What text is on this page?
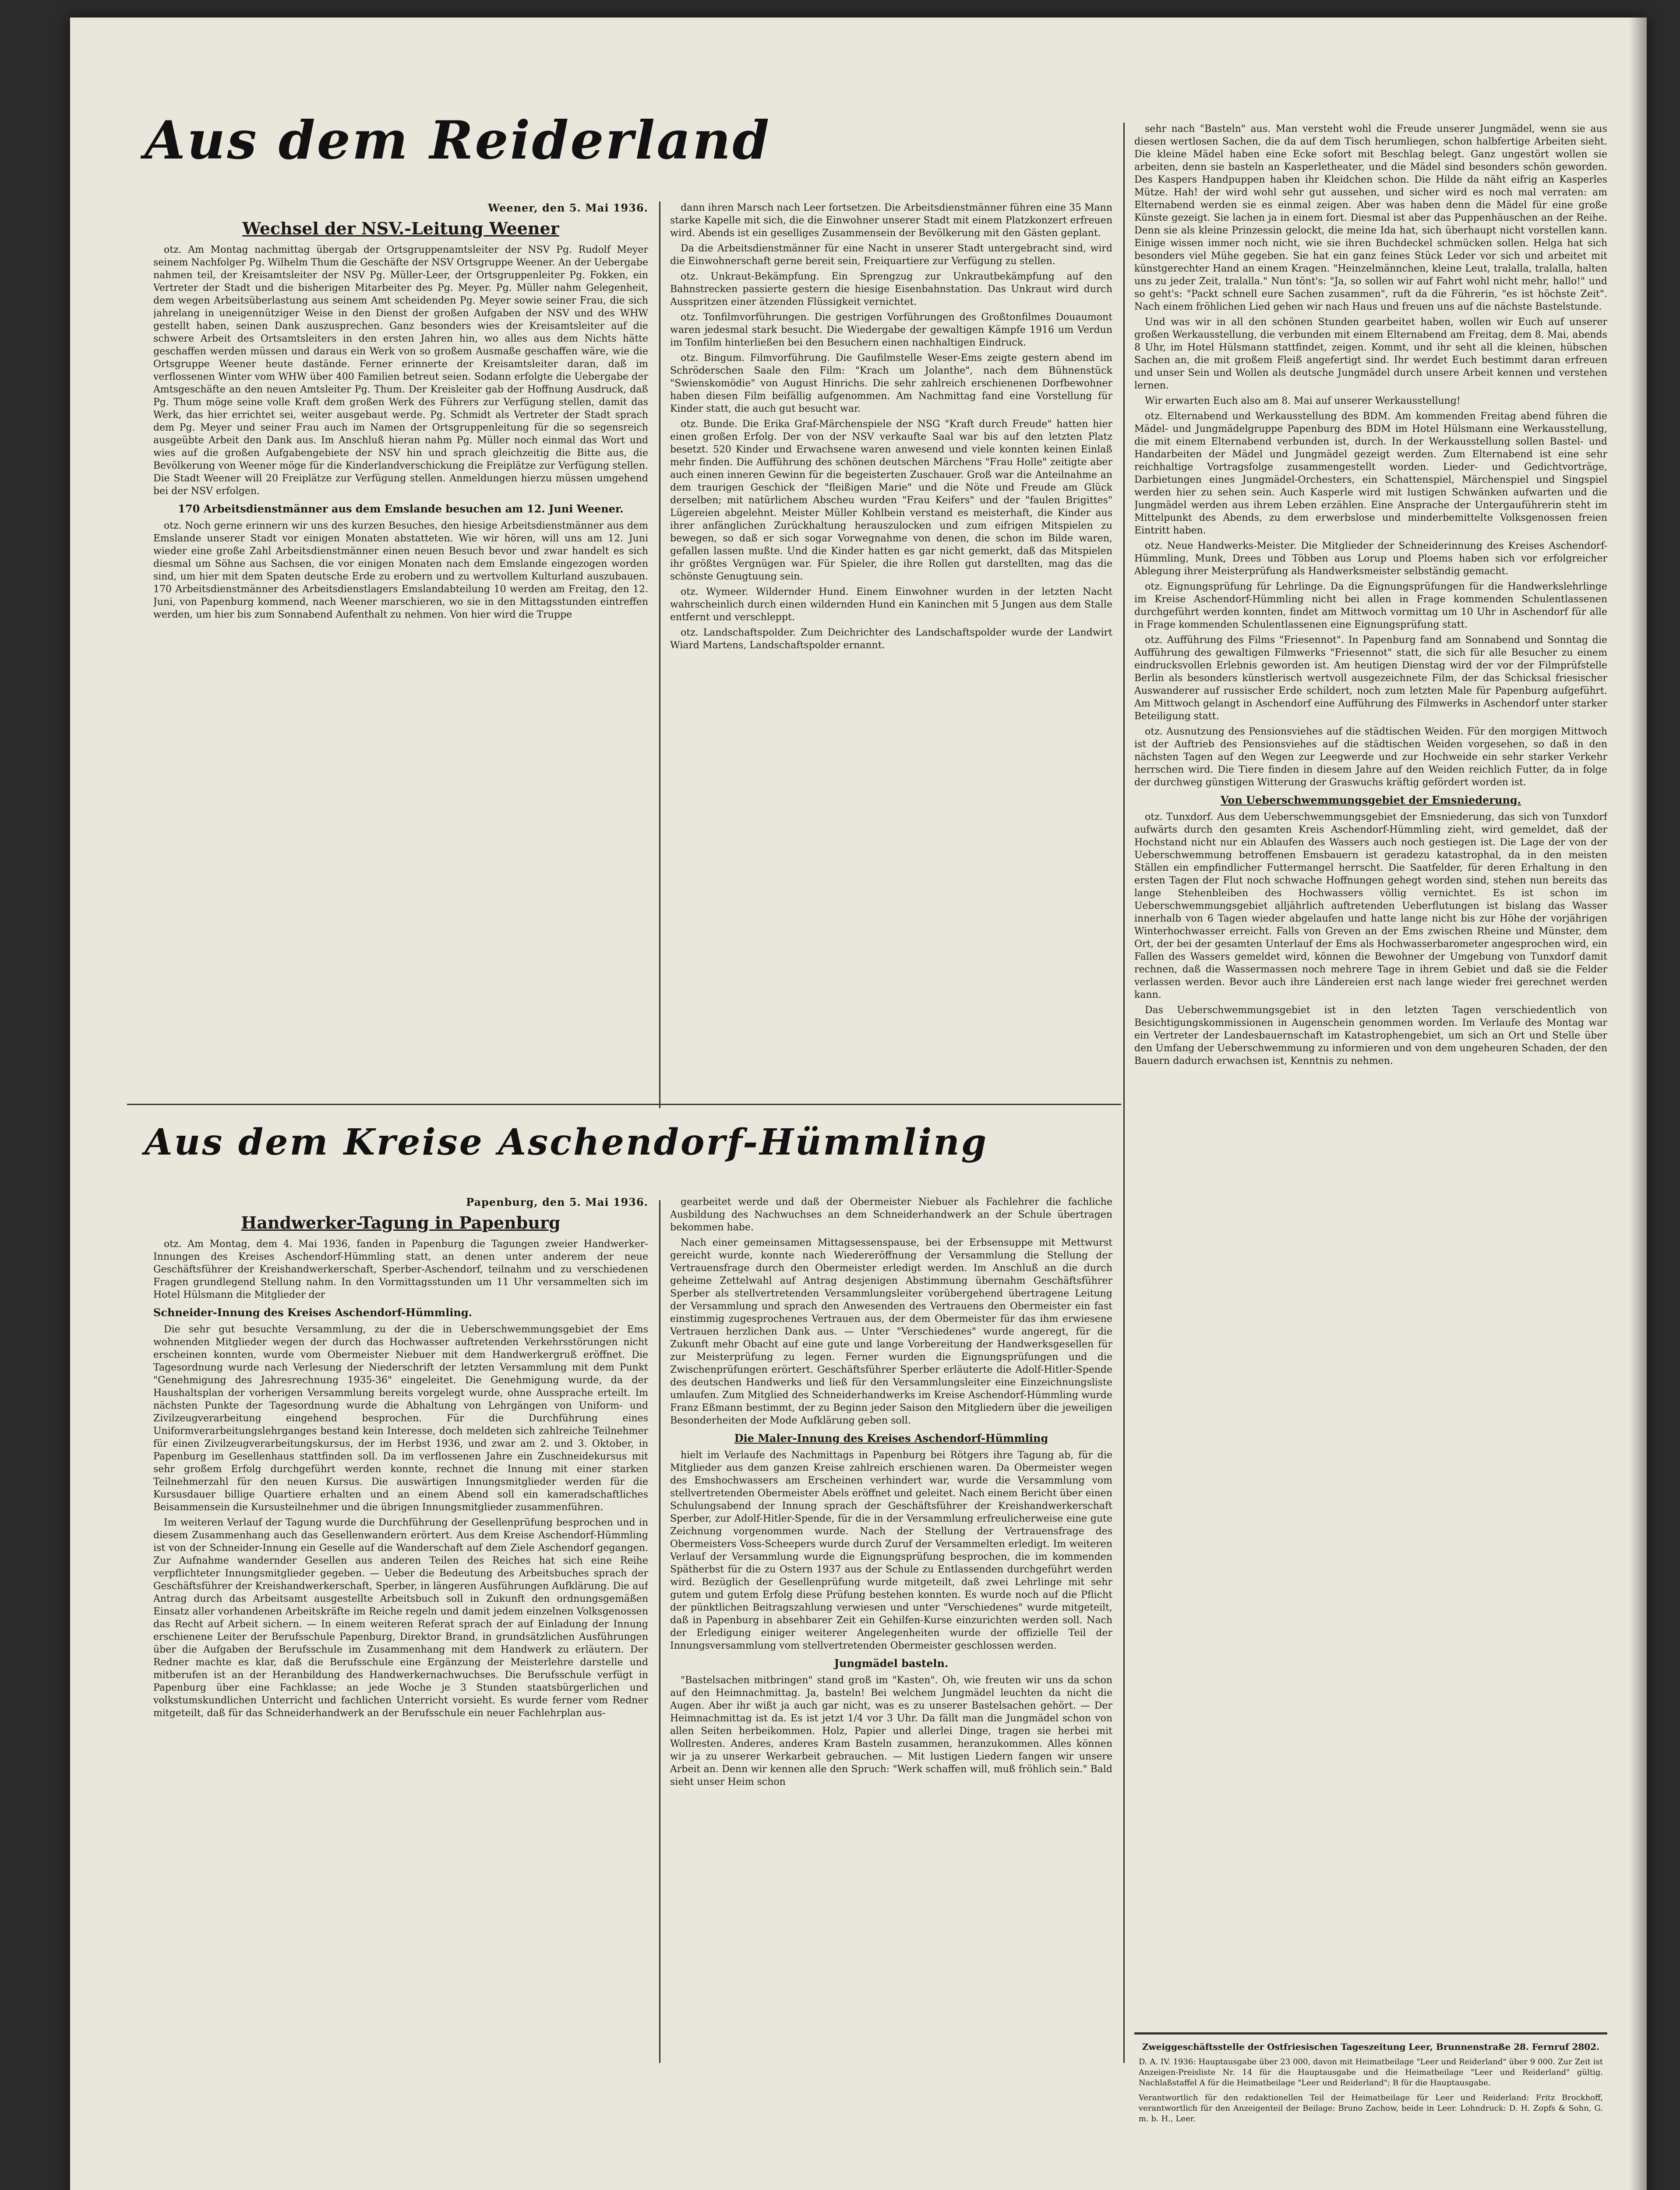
Aus dem Reiderland
Weener, den 5. Mai 1936.
Wechsel der NSV.-Leitung Weener

otz. Am Montag nachmittag übergab der Ortsgruppenamtsleiter der NSV Pg. Rudolf Meyer seinem Nachfolger Pg. Wilhelm Thum die Geschäfte der NSV Ortsgruppe Weener. An der Uebergabe nahmen teil, der Kreisamtsleiter der NSV Pg. Müller-Leer, der Ortsgruppenleiter Pg. Fokken, ein Vertreter der Stadt und die bisherigen Mitarbeiter des Pg. Meyer. Pg. Müller nahm Gelegenheit, dem wegen Arbeitsüberlastung aus seinem Amt scheidenden Pg. Meyer sowie seiner Frau, die sich jahrelang in uneigennütziger Weise in den Dienst der großen Aufgaben der NSV und des WHW gestellt haben, seinen Dank auszusprechen. Ganz besonders wies der Kreisamtsleiter auf die schwere Arbeit des Ortsamtsleiters in den ersten Jahren hin, wo alles aus dem Nichts hätte geschaffen werden müssen und daraus ein Werk von so großem Ausmaße geschaffen wäre, wie die Ortsgruppe Weener heute dastände. Ferner erinnerte der Kreisamtsleiter daran, daß im verflossenen Winter vom WHW über 400 Familien betreut seien. Sodann erfolgte die Uebergabe der Amtsgeschäfte an den neuen Amtsleiter Pg. Thum. Der Kreisleiter gab der Hoffnung Ausdruck, daß Pg. Thum möge seine volle Kraft dem großen Werk des Führers zur Verfügung stellen, damit das Werk, das hier errichtet sei, weiter ausgebaut werde. Pg. Schmidt als Vertreter der Stadt sprach dem Pg. Meyer und seiner Frau auch im Namen der Ortsgruppenleitung für die so segensreich ausgeübte Arbeit den Dank aus. Im Anschluß hieran nahm Pg. Müller noch einmal das Wort und wies auf die großen Aufgabengebiete der NSV hin und sprach gleichzeitig die Bitte aus, die Bevölkerung von Weener möge für die Kinderlandverschickung die Freiplätze zur Verfügung stellen. Die Stadt Weener will 20 Freiplätze zur Verfügung stellen. Anmeldungen hierzu müssen umgehend bei der NSV erfolgen.

170 Arbeitsdienstmänner aus dem Emslande besuchen am 12. Juni Weener.

otz. Noch gerne erinnern wir uns des kurzen Besuches, den hiesige Arbeitsdienstmänner aus dem Emslande unserer Stadt vor einigen Monaten abstatteten. Wie wir hören, will uns am 12. Juni wieder eine große Zahl Arbeitsdienstmänner einen neuen Besuch bevor und zwar handelt es sich diesmal um Söhne aus Sachsen, die vor einigen Monaten nach dem Emslande eingezogen worden sind, um hier mit dem Spaten deutsche Erde zu erobern und zu wertvollem Kulturland auszubauen. 170 Arbeitsdienstmänner des Arbeitsdienstlagers Emslandabteilung 10 werden am Freitag, den 12. Juni, von Papenburg kommend, nach Weener marschieren, wo sie in den Mittagsstunden eintreffen werden, um hier bis zum Sonnabend Aufenthalt zu nehmen. Von hier wird die Truppe

dann ihren Marsch nach Leer fortsetzen. Die Arbeitsdienstmänner führen eine 35 Mann starke Kapelle mit sich, die die Einwohner unserer Stadt mit einem Platzkonzert erfreuen wird. Abends ist ein geselliges Zusammensein der Bevölkerung mit den Gästen geplant.

Da die Arbeitsdienstmänner für eine Nacht in unserer Stadt untergebracht sind, wird die Einwohnerschaft gerne bereit sein, Freiquartiere zur Verfügung zu stellen.

otz. Unkraut-Bekämpfung. Ein Sprengzug zur Unkrautbekämpfung auf den Bahnstrecken passierte gestern die hiesige Eisenbahnstation. Das Unkraut wird durch Ausspritzen einer ätzenden Flüssigkeit vernichtet.

otz. Tonfilmvorführungen. Die gestrigen Vorführungen des Großtonfilmes Douaumont waren jedesmal stark besucht. Die Wiedergabe der gewaltigen Kämpfe 1916 um Verdun im Tonfilm hinterließen bei den Besuchern einen nachhaltigen Eindruck.

otz. Bingum. Filmvorführung. Die Gaufilmstelle Weser-Ems zeigte gestern abend im Schröderschen Saale den Film: "Krach um Jolanthe", nach dem Bühnenstück "Swienskomödie" von August Hinrichs. Die sehr zahlreich erschienenen Dorfbewohner haben diesen Film beifällig aufgenommen. Am Nachmittag fand eine Vorstellung für Kinder statt, die auch gut besucht war.

otz. Bunde. Die Erika Graf-Märchenspiele der NSG "Kraft durch Freude" hatten hier einen großen Erfolg. Der von der NSV verkaufte Saal war bis auf den letzten Platz besetzt. 520 Kinder und Erwachsene waren anwesend und viele konnten keinen Einlaß mehr finden. Die Aufführung des schönen deutschen Märchens "Frau Holle" zeitigte aber auch einen inneren Gewinn für die begeisterten Zuschauer. Groß war die Anteilnahme an dem traurigen Geschick der "fleißigen Marie" und die Nöte und Freude am Glück derselben; mit natürlichem Abscheu wurden "Frau Keifers" und der "faulen Brigittes" Lügereien abgelehnt. Meister Müller Kohlbein verstand es meisterhaft, die Kinder aus ihrer anfänglichen Zurückhaltung herauszulocken und zum eifrigen Mitspielen zu bewegen, so daß er sich sogar Vorwegnahme von denen, die schon im Bilde waren, gefallen lassen mußte. Und die Kinder hatten es gar nicht gemerkt, daß das Mitspielen ihr größtes Vergnügen war. Für Spieler, die ihre Rollen gut darstellten, mag das die schönste Genugtuung sein.

otz. Wymeer. Wildernder Hund. Einem Einwohner wurden in der letzten Nacht wahrscheinlich durch einen wildernden Hund ein Kaninchen mit 5 Jungen aus dem Stalle entfernt und verschleppt.

otz. Landschaftspolder. Zum Deichrichter des Landschaftspolder wurde der Landwirt Wiard Martens, Landschaftspolder ernannt.

sehr nach "Basteln" aus. Man versteht wohl die Freude unserer Jungmädel, wenn sie aus diesen wertlosen Sachen, die da auf dem Tisch herumliegen, schon halbfertige Arbeiten sieht. Die kleine Mädel haben eine Ecke sofort mit Beschlag belegt. Ganz ungestört wollen sie arbeiten, denn sie basteln an Kasperletheater, und die Mädel sind besonders schön geworden. Des Kaspers Handpuppen haben ihr Kleidchen schon. Die Hilde da näht eifrig an Kasperles Mütze. Hah! der wird wohl sehr gut aussehen, und sicher wird es noch mal verraten: am Elternabend werden sie es einmal zeigen. Aber was haben denn die Mädel für eine große Künste gezeigt. Sie lachen ja in einem fort. Diesmal ist aber das Puppenhäuschen an der Reihe. Denn sie als kleine Prinzessin gelockt, die meine Ida hat, sich überhaupt nicht vorstellen kann. Einige wissen immer noch nicht, wie sie ihren Buchdeckel schmücken sollen. Helga hat sich besonders viel Mühe gegeben. Sie hat ein ganz feines Stück Leder vor sich und arbeitet mit künstgerechter Hand an einem Kragen. "Heinzelmännchen, kleine Leut, tralalla, tralalla, halten uns zu jeder Zeit, tralalla." Nun tönt's: "Ja, so sollen wir auf Fahrt wohl nicht mehr, hallo!" und so geht's: "Packt schnell eure Sachen zusammen", ruft da die Führerin, "es ist höchste Zeit". Nach einem fröhlichen Lied gehen wir nach Haus und freuen uns auf die nächste Bastelstunde.

Und was wir in all den schönen Stunden gearbeitet haben, wollen wir Euch auf unserer großen Werkausstellung, die verbunden mit einem Elternabend am Freitag, dem 8. Mai, abends 8 Uhr, im Hotel Hülsmann stattfindet, zeigen. Kommt, und ihr seht all die kleinen, hübschen Sachen an, die mit großem Fleiß angefertigt sind. Ihr werdet Euch bestimmt daran erfreuen und unser Sein und Wollen als deutsche Jungmädel durch unsere Arbeit kennen und verstehen lernen.

Wir erwarten Euch also am 8. Mai auf unserer Werkausstellung!

otz. Elternabend und Werkausstellung des BDM. Am kommenden Freitag abend führen die Mädel- und Jungmädelgruppe Papenburg des BDM im Hotel Hülsmann eine Werkausstellung, die mit einem Elternabend verbunden ist, durch. In der Werkausstellung sollen Bastel- und Handarbeiten der Mädel und Jungmädel gezeigt werden. Zum Elternabend ist eine sehr reichhaltige Vortragsfolge zusammengestellt worden. Lieder- und Gedichtvorträge, Darbietungen eines Jungmädel-Orchesters, ein Schattenspiel, Märchenspiel und Singspiel werden hier zu sehen sein. Auch Kasperle wird mit lustigen Schwänken aufwarten und die Jungmädel werden aus ihrem Leben erzählen. Eine Ansprache der Untergauführerin steht im Mittelpunkt des Abends, zu dem erwerbslose und minderbemittelte Volksgenossen freien Eintritt haben.

otz. Neue Handwerks-Meister. Die Mitglieder der Schneiderinnung des Kreises Aschendorf-Hümmling, Munk, Drees und Többen aus Lorup und Ploems haben sich vor erfolgreicher Ablegung ihrer Meisterprüfung als Handwerksmeister selbständig gemacht.

otz. Eignungsprüfung für Lehrlinge. Da die Eignungsprüfungen für die Handwerkslehrlinge im Kreise Aschendorf-Hümmling nicht bei allen in Frage kommenden Schulentlassenen durchgeführt werden konnten, findet am Mittwoch vormittag um 10 Uhr in Aschendorf für alle in Frage kommenden Schulentlassenen eine Eignungsprüfung statt.

otz. Aufführung des Films "Friesennot". In Papenburg fand am Sonnabend und Sonntag die Aufführung des gewaltigen Filmwerks "Friesennot" statt, die sich für alle Besucher zu einem eindrucksvollen Erlebnis geworden ist. Am heutigen Dienstag wird der vor der Filmprüfstelle Berlin als besonders künstlerisch wertvoll ausgezeichnete Film, der das Schicksal friesischer Auswanderer auf russischer Erde schildert, noch zum letzten Male für Papenburg aufgeführt. Am Mittwoch gelangt in Aschendorf eine Aufführung des Filmwerks in Aschendorf unter starker Beteiligung statt.

otz. Ausnutzung des Pensionsviehes auf die städtischen Weiden. Für den morgigen Mittwoch ist der Auftrieb des Pensionsviehes auf die städtischen Weiden vorgesehen, so daß in den nächsten Tagen auf den Wegen zur Leegwerde und zur Hochweide ein sehr starker Verkehr herrschen wird. Die Tiere finden in diesem Jahre auf den Weiden reichlich Futter, da in folge der durchweg günstigen Witterung der Graswuchs kräftig gefördert worden ist.

Von Ueberschwemmungsgebiet der Emsniederung.

otz. Tunxdorf. Aus dem Ueberschwemmungsgebiet der Emsniederung, das sich von Tunxdorf aufwärts durch den gesamten Kreis Aschendorf-Hümmling zieht, wird gemeldet, daß der Hochstand nicht nur ein Ablaufen des Wassers auch noch gestiegen ist. Die Lage der von der Ueberschwemmung betroffenen Emsbauern ist geradezu katastrophal, da in den meisten Ställen ein empfindlicher Futtermangel herrscht. Die Saatfelder, für deren Erhaltung in den ersten Tagen der Flut noch schwache Hoffnungen gehegt worden sind, stehen nun bereits das lange Stehenbleiben des Hochwassers völlig vernichtet. Es ist schon im Ueberschwemmungsgebiet alljährlich auftretenden Ueberflutungen ist bislang das Wasser innerhalb von 6 Tagen wieder abgelaufen und hatte lange nicht bis zur Höhe der vorjährigen Winterhochwasser erreicht. Falls von Greven an der Ems zwischen Rheine und Münster, dem Ort, der bei der gesamten Unterlauf der Ems als Hochwasserbarometer angesprochen wird, ein Fallen des Wassers gemeldet wird, können die Bewohner der Umgebung von Tunxdorf damit rechnen, daß die Wassermassen noch mehrere Tage in ihrem Gebiet und daß sie die Felder verlassen werden. Bevor auch ihre Ländereien erst nach lange wieder frei gerechnet werden kann.

Das Ueberschwemmungsgebiet ist in den letzten Tagen verschiedentlich von Besichtigungskommissionen in Augenschein genommen worden. Im Verlaufe des Montag war ein Vertreter der Landesbauernschaft im Katastrophengebiet, um sich an Ort und Stelle über den Umfang der Ueberschwemmung zu informieren und von dem ungeheuren Schaden, der den Bauern dadurch erwachsen ist, Kenntnis zu nehmen.

Zweiggeschäftsstelle der Ostfriesischen Tageszeitung Leer, Brunnenstraße 28. Fernruf 2802.
D. A. IV. 1936: Hauptausgabe über 23 000, davon mit Heimatbeilage "Leer und Reiderland" über 9 000. Zur Zeit ist Anzeigen-Preisliste Nr. 14 für die Hauptausgabe und die Heimatbeilage "Leer und Reiderland" gültig. Nachlaßstaffel A für die Heimatbeilage "Leer und Reiderland"; B für die Hauptausgabe.
Verantwortlich für den redaktionellen Teil der Heimatbeilage für Leer und Reiderland: Fritz Brockhoff, verantwortlich für den Anzeigenteil der Beilage: Bruno Zachow, beide in Leer. Lohndruck: D. H. Zopfs & Sohn, G. m. b. H., Leer.
Aus dem Kreise Aschendorf-Hümmling
Papenburg, den 5. Mai 1936.
Handwerker-Tagung in Papenburg

otz. Am Montag, dem 4. Mai 1936, fanden in Papenburg die Tagungen zweier Handwerker-Innungen des Kreises Aschendorf-Hümmling statt, an denen unter anderem der neue Geschäftsführer der Kreishandwerkerschaft, Sperber-Aschendorf, teilnahm und zu verschiedenen Fragen grundlegend Stellung nahm. In den Vormittagsstunden um 11 Uhr versammelten sich im Hotel Hülsmann die Mitglieder der

Schneider-Innung des Kreises Aschendorf-Hümmling.

Die sehr gut besuchte Versammlung, zu der die in Ueberschwemmungsgebiet der Ems wohnenden Mitglieder wegen der durch das Hochwasser auftretenden Verkehrsstörungen nicht erscheinen konnten, wurde vom Obermeister Niebuer mit dem Handwerkergruß eröffnet. Die Tagesordnung wurde nach Verlesung der Niederschrift der letzten Versammlung mit dem Punkt "Genehmigung des Jahresrechnung 1935-36" eingeleitet. Die Genehmigung wurde, da der Haushaltsplan der vorherigen Versammlung bereits vorgelegt wurde, ohne Aussprache erteilt. Im nächsten Punkte der Tagesordnung wurde die Abhaltung von Lehrgängen von Uniform- und Zivilzeugverarbeitung eingehend besprochen. Für die Durchführung eines Uniformverarbeitungslehrganges bestand kein Interesse, doch meldeten sich zahlreiche Teilnehmer für einen Zivilzeugverarbeitungskursus, der im Herbst 1936, und zwar am 2. und 3. Oktober, in Papenburg im Gesellenhaus stattfinden soll. Da im verflossenen Jahre ein Zuschneidekursus mit sehr großem Erfolg durchgeführt werden konnte, rechnet die Innung mit einer starken Teilnehmerzahl für den neuen Kursus. Die auswärtigen Innungsmitglieder werden für die Kursusdauer billige Quartiere erhalten und an einem Abend soll ein kameradschaftliches Beisammensein die Kursusteilnehmer und die übrigen Innungsmitglieder zusammenführen.

Im weiteren Verlauf der Tagung wurde die Durchführung der Gesellenprüfung besprochen und in diesem Zusammenhang auch das Gesellenwandern erörtert. Aus dem Kreise Aschendorf-Hümmling ist von der Schneider-Innung ein Geselle auf die Wanderschaft auf dem Ziele Aschendorf gegangen. Zur Aufnahme wandernder Gesellen aus anderen Teilen des Reiches hat sich eine Reihe verpflichteter Innungsmitglieder gegeben. — Ueber die Bedeutung des Arbeitsbuches sprach der Geschäftsführer der Kreishandwerkerschaft, Sperber, in längeren Ausführungen Aufklärung. Die auf Antrag durch das Arbeitsamt ausgestellte Arbeitsbuch soll in Zukunft den ordnungsgemäßen Einsatz aller vorhandenen Arbeitskräfte im Reiche regeln und damit jedem einzelnen Volksgenossen das Recht auf Arbeit sichern. — In einem weiteren Referat sprach der auf Einladung der Innung erschienene Leiter der Berufsschule Papenburg, Direktor Brand, in grundsätzlichen Ausführungen über die Aufgaben der Berufsschule im Zusammenhang mit dem Handwerk zu erläutern. Der Redner machte es klar, daß die Berufsschule eine Ergänzung der Meisterlehre darstelle und mitberufen ist an der Heranbildung des Handwerkernachwuchses. Die Berufsschule verfügt in Papenburg über eine Fachklasse; an jede Woche je 3 Stunden staatsbürgerlichen und volkstumskundlichen Unterricht und fachlichen Unterricht vorsieht. Es wurde ferner vom Redner mitgeteilt, daß für das Schneiderhandwerk an der Berufsschule ein neuer Fachlehrplan aus-

gearbeitet werde und daß der Obermeister Niebuer als Fachlehrer die fachliche Ausbildung des Nachwuchses an dem Schneiderhandwerk an der Schule übertragen bekommen habe.

Nach einer gemeinsamen Mittagsessenspause, bei der Erbsensuppe mit Mettwurst gereicht wurde, konnte nach Wiedereröffnung der Versammlung die Stellung der Vertrauensfrage durch den Obermeister erledigt werden. Im Anschluß an die durch geheime Zettelwahl auf Antrag desjenigen Abstimmung übernahm Geschäftsführer Sperber als stellvertretenden Versammlungsleiter vorübergehend übertragene Leitung der Versammlung und sprach den Anwesenden des Vertrauens den Obermeister ein fast einstimmig zugesprochenes Vertrauen aus, der dem Obermeister für das ihm erwiesene Vertrauen herzlichen Dank aus. — Unter "Verschiedenes" wurde angeregt, für die Zukunft mehr Obacht auf eine gute und lange Vorbereitung der Handwerksgesellen für zur Meisterprüfung zu legen. Ferner wurden die Eignungsprüfungen und die Zwischenprüfungen erörtert. Geschäftsführer Sperber erläuterte die Adolf-Hitler-Spende des deutschen Handwerks und ließ für den Versammlungsleiter eine Einzeichnungsliste umlaufen. Zum Mitglied des Schneiderhandwerks im Kreise Aschendorf-Hümmling wurde Franz Eßmann bestimmt, der zu Beginn jeder Saison den Mitgliedern über die jeweiligen Besonderheiten der Mode Aufklärung geben soll.

Die Maler-Innung des Kreises Aschendorf-Hümmling

hielt im Verlaufe des Nachmittags in Papenburg bei Rötgers ihre Tagung ab, für die Mitglieder aus dem ganzen Kreise zahlreich erschienen waren. Da Obermeister wegen des Emshochwassers am Erscheinen verhindert war, wurde die Versammlung vom stellvertretenden Obermeister Abels eröffnet und geleitet. Nach einem Bericht über einen Schulungsabend der Innung sprach der Geschäftsführer der Kreishandwerkerschaft Sperber, zur Adolf-Hitler-Spende, für die in der Versammlung erfreulicherweise eine gute Zeichnung vorgenommen wurde. Nach der Stellung der Vertrauensfrage des Obermeisters Voss-Scheepers wurde durch Zuruf der Versammelten erledigt. Im weiteren Verlauf der Versammlung wurde die Eignungsprüfung besprochen, die im kommenden Spätherbst für die zu Ostern 1937 aus der Schule zu Entlassenden durchgeführt werden wird. Bezüglich der Gesellenprüfung wurde mitgeteilt, daß zwei Lehrlinge mit sehr gutem und gutem Erfolg diese Prüfung bestehen konnten. Es wurde noch auf die Pflicht der pünktlichen Beitragszahlung verwiesen und unter "Verschiedenes" wurde mitgeteilt, daß in Papenburg in absehbarer Zeit ein Gehilfen-Kurse einzurichten werden soll. Nach der Erledigung einiger weiterer Angelegenheiten wurde der offizielle Teil der Innungsversammlung vom stellvertretenden Obermeister geschlossen werden.

Jungmädel basteln.

"Bastelsachen mitbringen" stand groß im "Kasten". Oh, wie freuten wir uns da schon auf den Heimnachmittag. Ja, basteln! Bei welchem Jungmädel leuchten da nicht die Augen. Aber ihr wißt ja auch gar nicht, was es zu unserer Bastelsachen gehört. — Der Heimnachmittag ist da. Es ist jetzt 1/4 vor 3 Uhr. Da fällt man die Jungmädel schon von allen Seiten herbeikommen. Holz, Papier und allerlei Dinge, tragen sie herbei mit Wollresten. Anderes, anderes Kram Basteln zusammen, heranzukommen. Alles können wir ja zu unserer Werkarbeit gebrauchen. — Mit lustigen Liedern fangen wir unsere Arbeit an. Denn wir kennen alle den Spruch: "Werk schaffen will, muß fröhlich sein." Bald sieht unser Heim schon
